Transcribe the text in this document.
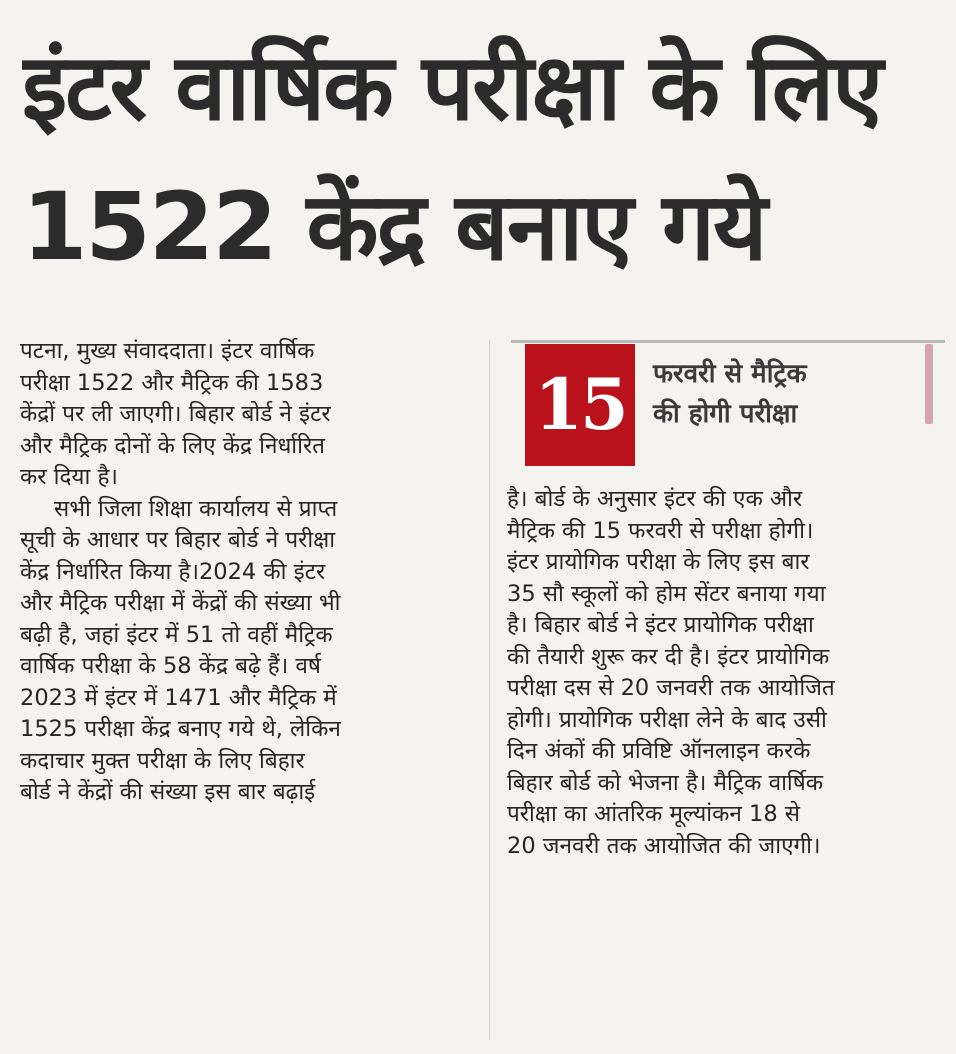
इंटर वार्षिक परीक्षा के लिए
1522 केंद्र बनाए गये
पटना, मुख्य संवाददाता। इंटर वार्षिक
परीक्षा 1522 और मैट्रिक की 1583
केंद्रों पर ली जाएगी। बिहार बोर्ड ने इंटर
और मैट्रिक दोनों के लिए केंद्र निर्धारित
कर दिया है।
सभी जिला शिक्षा कार्यालय से प्राप्त
सूची के आधार पर बिहार बोर्ड ने परीक्षा
केंद्र निर्धारित किया है।2024 की इंटर
और मैट्रिक परीक्षा में केंद्रों की संख्या भी
बढ़ी है, जहां इंटर में 51 तो वहीं मैट्रिक
वार्षिक परीक्षा के 58 केंद्र बढ़े हैं। वर्ष
2023 में इंटर में 1471 और मैट्रिक में
1525 परीक्षा केंद्र बनाए गये थे, लेकिन
कदाचार मुक्त परीक्षा के लिए बिहार
बोर्ड ने केंद्रों की संख्या इस बार बढ़ाई
15	फरवरी से मैट्रिक
की होगी परीक्षा
है। बोर्ड के अनुसार इंटर की एक और
मैट्रिक की 15 फरवरी से परीक्षा होगी।
इंटर प्रायोगिक परीक्षा के लिए इस बार
35 सौ स्कूलों को होम सेंटर बनाया गया
है। बिहार बोर्ड ने इंटर प्रायोगिक परीक्षा
की तैयारी शुरू कर दी है। इंटर प्रायोगिक
परीक्षा दस से 20 जनवरी तक आयोजित
होगी। प्रायोगिक परीक्षा लेने के बाद उसी
दिन अंकों की प्रविष्टि ऑनलाइन करके
बिहार बोर्ड को भेजना है। मैट्रिक वार्षिक
परीक्षा का आंतरिक मूल्यांकन 18 से
20 जनवरी तक आयोजित की जाएगी।
